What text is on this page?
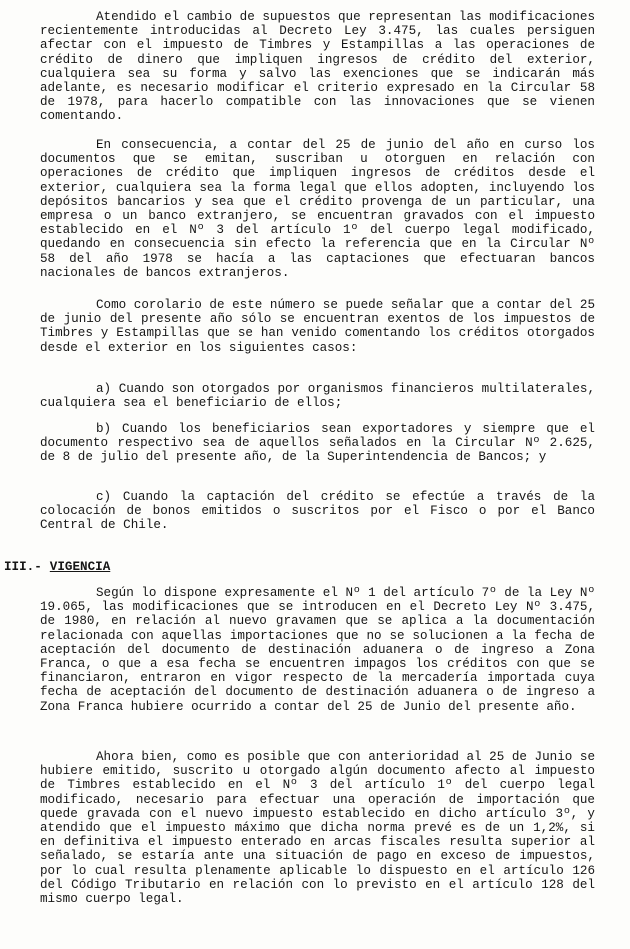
Atendido el cambio de supuestos que representan las modificaciones recientemente introducidas al Decreto Ley 3.475, las cuales persiguen afectar con el impuesto de Timbres y Estampillas a las operaciones de crédito de dinero que impliquen ingresos de crédito del exterior, cualquiera sea su forma y salvo las exenciones que se indicarán más adelante, es necesario modificar el criterio expresado en la Circular 58 de 1978, para hacerlo compatible con las innovaciones que se vienen comentando.

En consecuencia, a contar del 25 de junio del año en curso los documentos que se emitan, suscriban u otorguen en relación con operaciones de crédito que impliquen ingresos de créditos desde el exterior, cualquiera sea la forma legal que ellos adopten, incluyendo los depósitos bancarios y sea que el crédito provenga de un particular, una empresa o un banco extranjero, se encuentran gravados con el impuesto establecido en el Nº 3 del artículo 1º del cuerpo legal modificado, quedando en consecuencia sin efecto la referencia que en la Circular Nº 58 del año 1978 se hacía a las captaciones que efectuaran bancos nacionales de bancos extranjeros.

Como corolario de este número se puede señalar que a contar del 25 de junio del presente año sólo se encuentran exentos de los impuestos de Timbres y Estampillas que se han venido comentando los créditos otorgados desde el exterior en los siguientes casos:

a) Cuando son otorgados por organismos financieros multilaterales, cualquiera sea el beneficiario de ellos;

b) Cuando los beneficiarios sean exportadores y siempre que el documento respectivo sea de aquellos señalados en la Circular Nº 2.625, de 8 de julio del presente año, de la Superintendencia de Bancos; y

c) Cuando la captación del crédito se efectúe a través de la colocación de bonos emitidos o suscritos por el Fisco o por el Banco Central de Chile.

III.- VIGENCIA

Según lo dispone expresamente el Nº 1 del artículo 7º de la Ley Nº 19.065, las modificaciones que se introducen en el Decreto Ley Nº 3.475, de 1980, en relación al nuevo gravamen que se aplica a la documentación relacionada con aquellas importaciones que no se solucionen a la fecha de aceptación del documento de destinación aduanera o de ingreso a Zona Franca, o que a esa fecha se encuentren impagos los créditos con que se financiaron, entraron en vigor respecto de la mercadería importada cuya fecha de aceptación del documento de destinación aduanera o de ingreso a Zona Franca hubiere ocurrido a contar del 25 de Junio del presente año.

Ahora bien, como es posible que con anterioridad al 25 de Junio se hubiere emitido, suscrito u otorgado algún documento afecto al impuesto de Timbres establecido en el Nº 3 del artículo 1º del cuerpo legal modificado, necesario para efectuar una operación de importación que quede gravada con el nuevo impuesto establecido en dicho artículo 3º, y atendido que el impuesto máximo que dicha norma prevé es de un 1,2%, si en definitiva el impuesto enterado en arcas fiscales resulta superior al señalado, se estaría ante una situación de pago en exceso de impuestos, por lo cual resulta plenamente aplicable lo dispuesto en el artículo 126 del Código Tributario en relación con lo previsto en el artículo 128 del mismo cuerpo legal.
